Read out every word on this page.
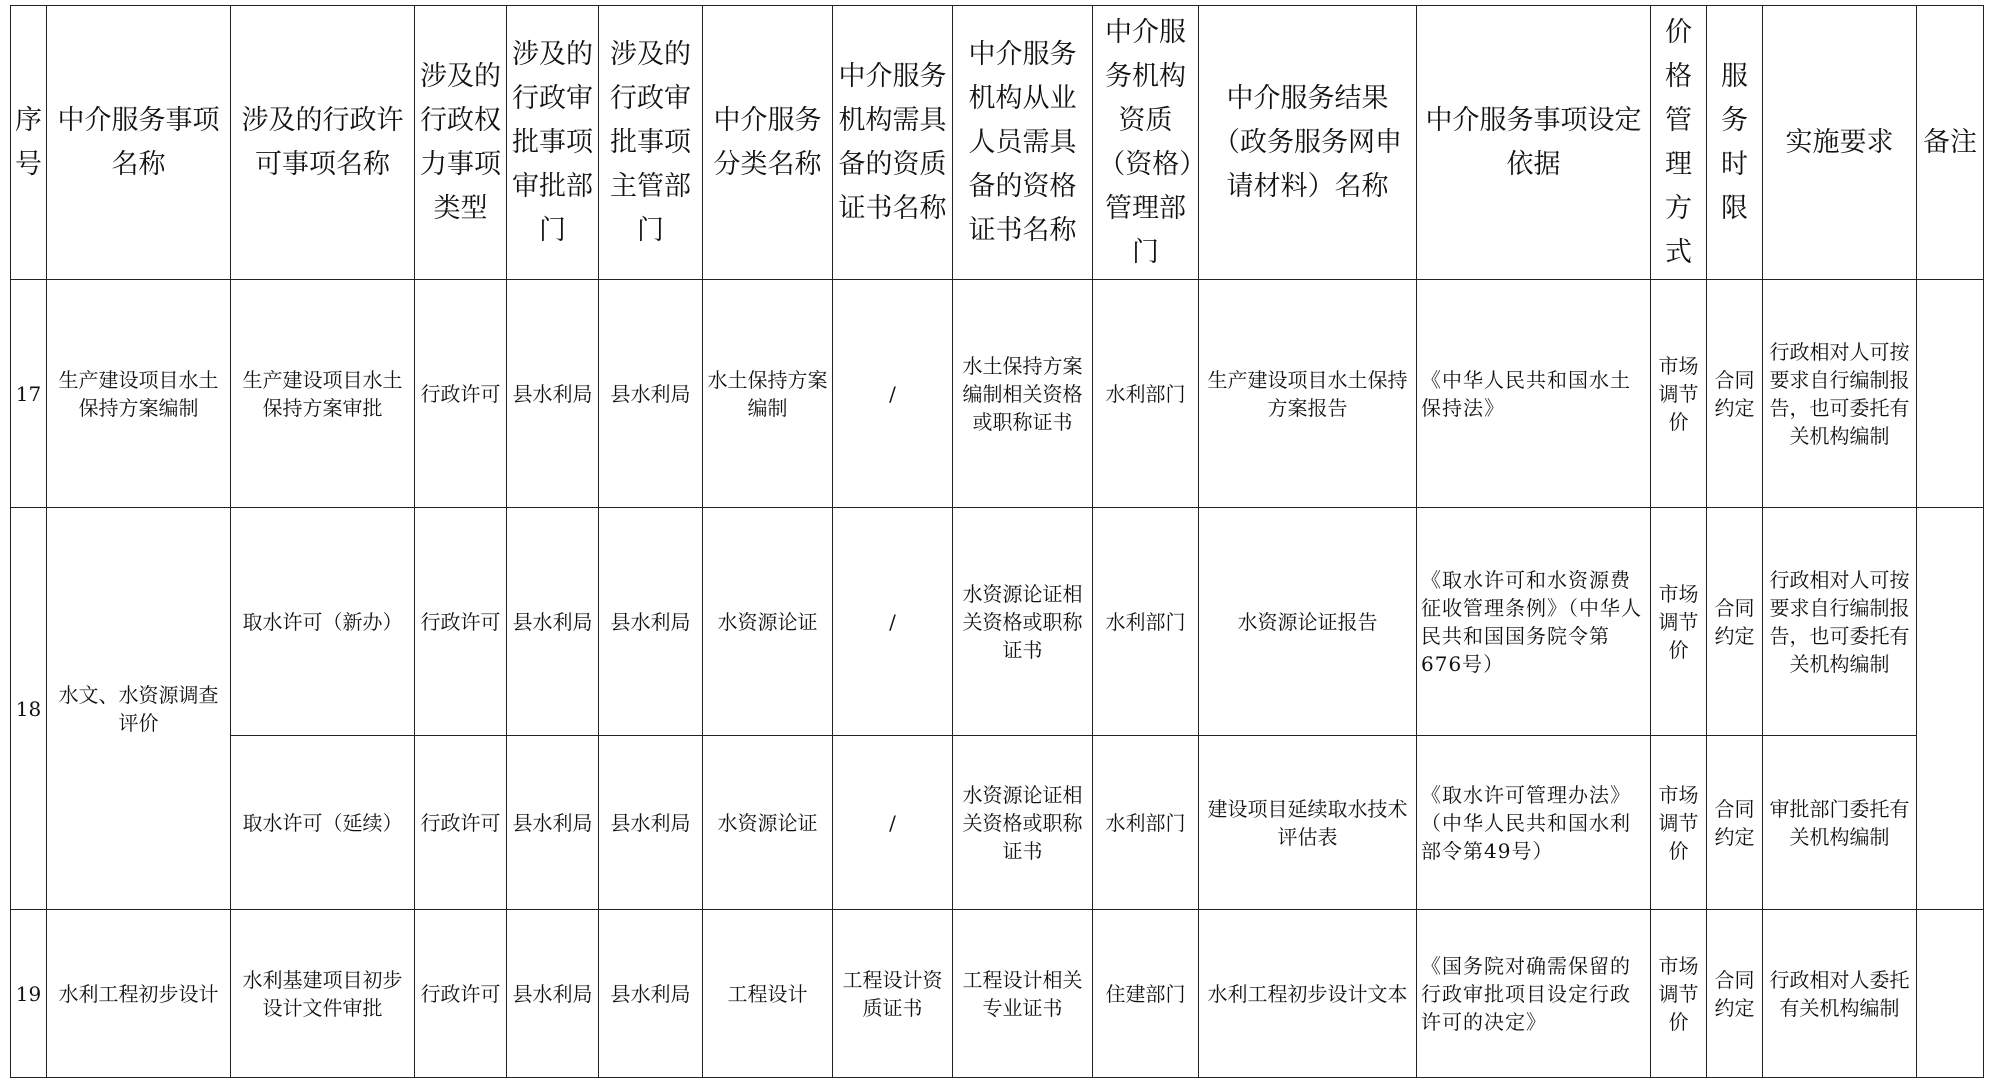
序号	中介服务事项名称	涉及的行政许可事项名称	涉及的行政权力事项类型	涉及的行政审批事项审批部门	涉及的行政审批事项主管部门	中介服务分类名称	中介服务机构需具备的资质证书名称	中介服务机构从业人员需具备的资格证书名称	中介服务机构资质（资格）管理部门	中介服务结果（政务服务网申请材料）名称	中介服务事项设定依据	价格管理方式	服务时限	实施要求	备注
17	生产建设项目水土保持方案编制	生产建设项目水土保持方案审批	行政许可	县水利局	县水利局	水土保持方案编制	/	水土保持方案编制相关资格或职称证书	水利部门	生产建设项目水土保持方案报告	《中华人民共和国水土保持法》	市场调节价	合同约定	行政相对人可按要求自行编制报告，也可委托有关机构编制	
18	水文、水资源调查评价	取水许可（新办）	行政许可	县水利局	县水利局	水资源论证	/	水资源论证相关资格或职称证书	水利部门	水资源论证报告	《取水许可和水资源费征收管理条例》（中华人民共和国国务院令第676号）	市场调节价	合同约定	行政相对人可按要求自行编制报告，也可委托有关机构编制	
		取水许可（延续）	行政许可	县水利局	县水利局	水资源论证	/	水资源论证相关资格或职称证书	水利部门	建设项目延续取水技术评估表	《取水许可管理办法》（中华人民共和国水利部令第49号）	市场调节价	合同约定	审批部门委托有关机构编制	
19	水利工程初步设计	水利基建项目初步设计文件审批	行政许可	县水利局	县水利局	工程设计	工程设计资质证书	工程设计相关专业证书	住建部门	水利工程初步设计文本	《国务院对确需保留的行政审批项目设定行政许可的决定》	市场调节价	合同约定	行政相对人委托有关机构编制	
